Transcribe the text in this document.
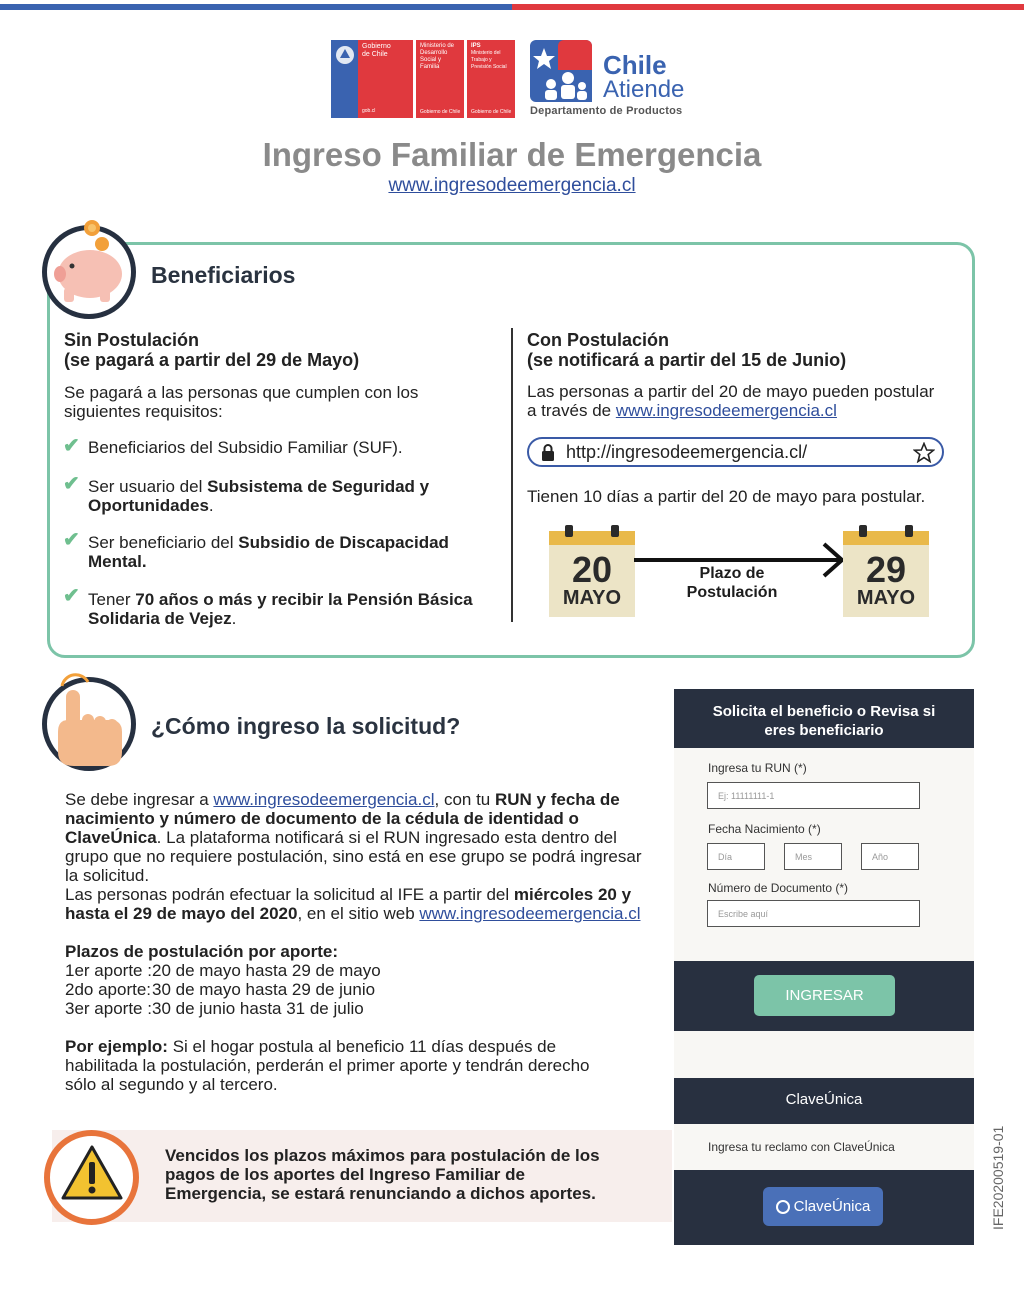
Gobierno
de Chile
gob.cl
Ministerio de Desarrollo Social y Familia
Gobierno de Chile
IPS
Ministerio del Trabajo y Previsión Social
Gobierno de Chile
Chile
Atiende
Departamento de Productos
Ingreso Familiar de Emergencia
www.ingresodeemergencia.cl
Beneficiarios
Sin Postulación
(se pagará a partir del 29 de Mayo)
Se pagará a las personas que cumplen con los siguientes requisitos:
✔ Beneficiarios del Subsidio Familiar (SUF).
✔ Ser usuario del Subsistema de Seguridad y Oportunidades.
✔ Ser beneficiario del Subsidio de Discapacidad Mental.
✔ Tener 70 años o más y recibir la Pensión Básica Solidaria de Vejez.
Con Postulación
(se notificará a partir del 15 de Junio)
Las personas a partir del 20 de mayo pueden postular a través de www.ingresodeemergencia.cl
http://ingresodeemergencia.cl/
Tienen 10 días a partir del 20 de mayo para postular.
20
MAYO
Plazo de
Postulación
29
MAYO
¿Cómo ingreso la solicitud?
Se debe ingresar a www.ingresodeemergencia.cl, con tu RUN y fecha de nacimiento y número de documento de la cédula de identidad o ClaveÚnica. La plataforma notificará si el RUN ingresado esta dentro del grupo que no requiere postulación, sino está en ese grupo se podrá ingresar la solicitud.
Las personas podrán efectuar la solicitud al IFE a partir del miércoles 20 y hasta el 29 de mayo del 2020, en el sitio web www.ingresodeemergencia.cl
Plazos de postulación por aporte:
1er aporte :20 de mayo hasta 29 de mayo
2do aporte:30 de mayo hasta 29 de junio
3er aporte :30 de junio hasta 31 de julio
Por ejemplo: Si el hogar postula al beneficio 11 días después de habilitada la postulación, perderán el primer aporte y tendrán derecho sólo al segundo y al tercero.
Vencidos los plazos máximos para postulación de los pagos de los aportes del Ingreso Familiar de Emergencia, se estará renunciando a dichos aportes.
Solicita el beneficio o Revisa si eres beneficiario
Ingresa tu RUN (*)
Ej: 11111111-1
Fecha Nacimiento (*)
Día	Mes	Año
Número de Documento (*)
Escribe aquí
INGRESAR
ClaveÚnica
Ingresa tu reclamo con ClaveÚnica
ClaveÚnica	IFE20200519-01
